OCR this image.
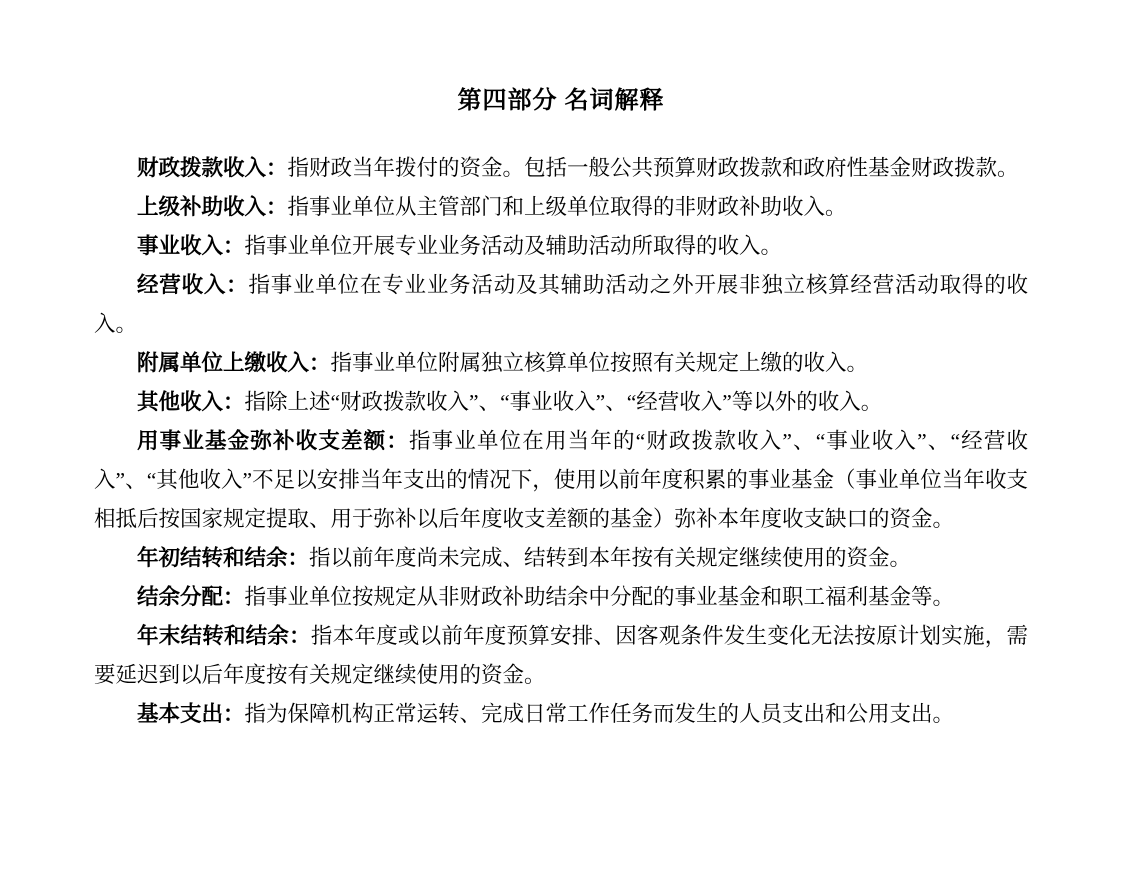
第四部分 名词解释

财政拨款收入：指财政当年拨付的资金。包括一般公共预算财政拨款和政府性基金财政拨款。

上级补助收入：指事业单位从主管部门和上级单位取得的非财政补助收入。

事业收入：指事业单位开展专业业务活动及辅助活动所取得的收入。

经营收入：指事业单位在专业业务活动及其辅助活动之外开展非独立核算经营活动取得的收入。

附属单位上缴收入：指事业单位附属独立核算单位按照有关规定上缴的收入。

其他收入：指除上述“财政拨款收入”、“事业收入”、“经营收入”等以外的收入。

用事业基金弥补收支差额：指事业单位在用当年的“财政拨款收入”、“事业收入”、“经营收入”、“其他收入”不足以安排当年支出的情况下，使用以前年度积累的事业基金（事业单位当年收支相抵后按国家规定提取、用于弥补以后年度收支差额的基金）弥补本年度收支缺口的资金。

年初结转和结余：指以前年度尚未完成、结转到本年按有关规定继续使用的资金。

结余分配：指事业单位按规定从非财政补助结余中分配的事业基金和职工福利基金等。

年末结转和结余：指本年度或以前年度预算安排、因客观条件发生变化无法按原计划实施，需要延迟到以后年度按有关规定继续使用的资金。

基本支出：指为保障机构正常运转、完成日常工作任务而发生的人员支出和公用支出。
